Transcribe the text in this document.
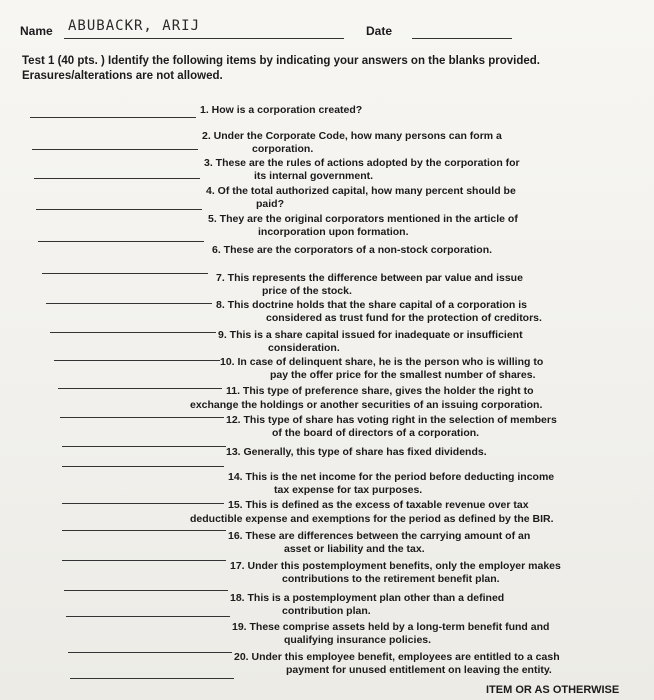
Name ABUBACKR, ARIJ	Date
Test 1 (40 pts. ) Identify the following items by indicating your answers on the blanks provided. Erasures/alterations are not allowed.
1. How is a corporation created?
2. Under the Corporate Code, how many persons can form a
corporation.
3. These are the rules of actions adopted by the corporation for
its internal government.
4. Of the total authorized capital, how many percent should be
paid?
5. They are the original corporators mentioned in the article of
incorporation upon formation.
6. These are the corporators of a non-stock corporation.
7. This represents the difference between par value and issue
price of the stock.
8. This doctrine holds that the share capital of a corporation is
considered as trust fund for the protection of creditors.
9. This is a share capital issued for inadequate or insufficient
consideration.
10. In case of delinquent share, he is the person who is willing to
pay the offer price for the smallest number of shares.
11. This type of preference share, gives the holder the right to
exchange the holdings or another securities of an issuing corporation.
12. This type of share has voting right in the selection of members
of the board of directors of a corporation.
13. Generally, this type of share has fixed dividends.
14. This is the net income for the period before deducting income
tax expense for tax purposes.
15. This is defined as the excess of taxable revenue over tax
deductible expense and exemptions for the period as defined by the BIR.
16. These are differences between the carrying amount of an
asset or liability and the tax.
17. Under this postemployment benefits, only the employer makes
contributions to the retirement benefit plan.
18. This is a postemployment plan other than a defined
contribution plan.
19. These comprise assets held by a long-term benefit fund and
qualifying insurance policies.
20. Under this employee benefit, employees are entitled to a cash
payment for unused entitlement on leaving the entity.
ITEM OR AS OTHERWISE
